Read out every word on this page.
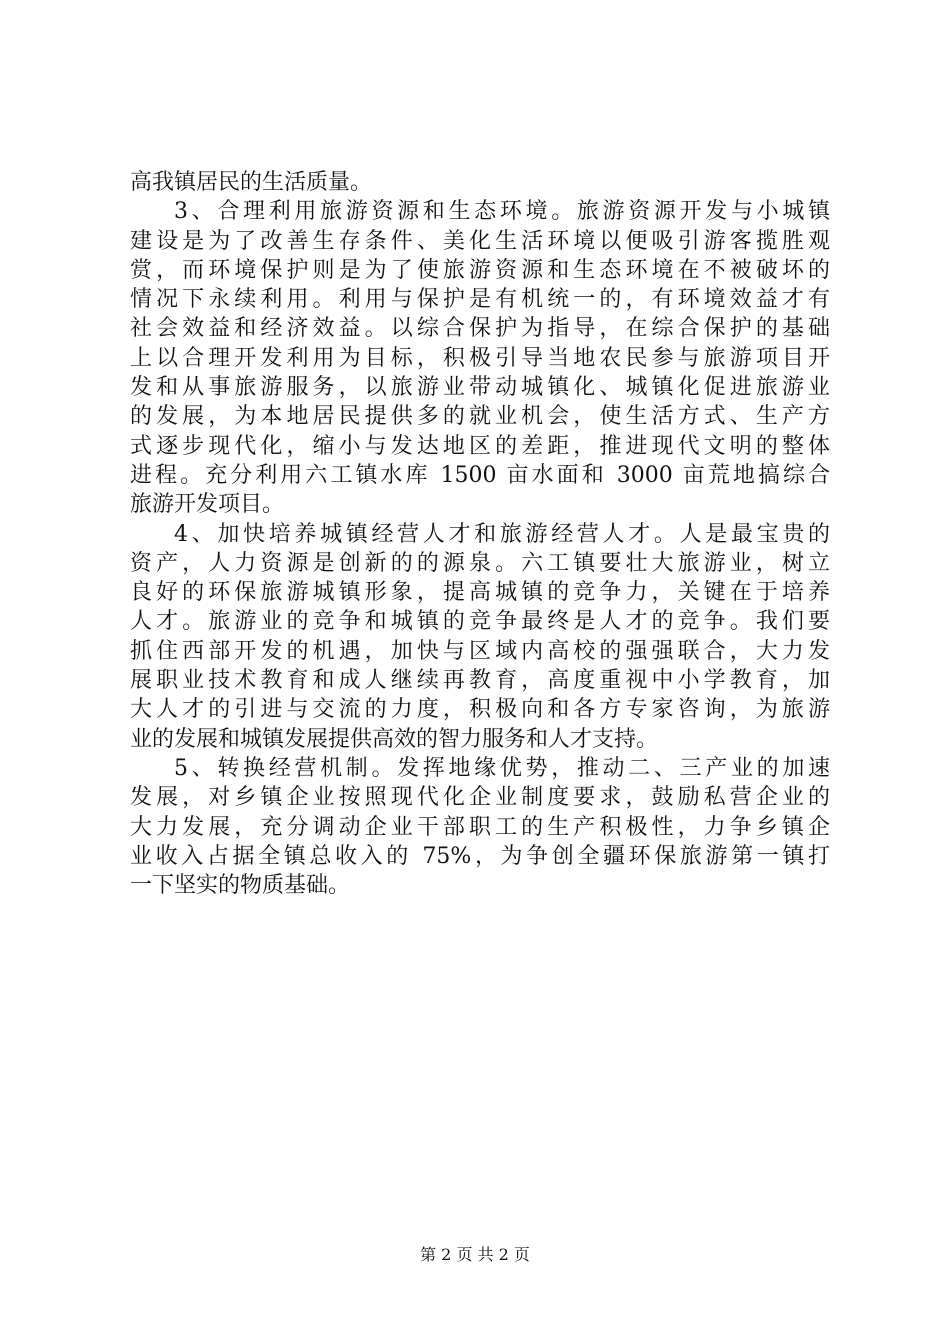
高我镇居民的生活质量。
3、合理利用旅游资源和生态环境。旅游资源开发与小城镇
建设是为了改善生存条件、美化生活环境以便吸引游客揽胜观
赏，而环境保护则是为了使旅游资源和生态环境在不被破坏的
情况下永续利用。利用与保护是有机统一的，有环境效益才有
社会效益和经济效益。以综合保护为指导，在综合保护的基础
上以合理开发利用为目标，积极引导当地农民参与旅游项目开
发和从事旅游服务，以旅游业带动城镇化、城镇化促进旅游业
的发展，为本地居民提供多的就业机会，使生活方式、生产方
式逐步现代化，缩小与发达地区的差距，推进现代文明的整体
进程。充分利用六工镇水库 1500 亩水面和 3000 亩荒地搞综合
旅游开发项目。
4、加快培养城镇经营人才和旅游经营人才。人是最宝贵的
资产，人力资源是创新的的源泉。六工镇要壮大旅游业，树立
良好的环保旅游城镇形象，提高城镇的竞争力，关键在于培养
人才。旅游业的竞争和城镇的竞争最终是人才的竞争。我们要
抓住西部开发的机遇，加快与区域内高校的强强联合，大力发
展职业技术教育和成人继续再教育，高度重视中小学教育，加
大人才的引进与交流的力度，积极向和各方专家咨询，为旅游
业的发展和城镇发展提供高效的智力服务和人才支持。
5、转换经营机制。发挥地缘优势，推动二、三产业的加速
发展，对乡镇企业按照现代化企业制度要求，鼓励私营企业的
大力发展，充分调动企业干部职工的生产积极性，力争乡镇企
业收入占据全镇总收入的 75%，为争创全疆环保旅游第一镇打
一下坚实的物质基础。
第 2 页 共 2 页
